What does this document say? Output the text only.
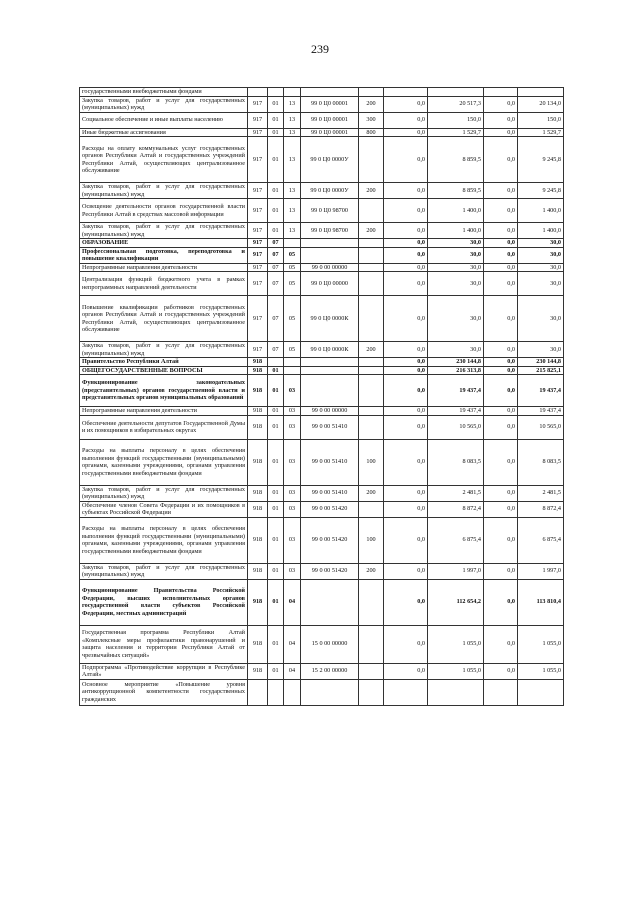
239
государственными внебюджетными фондами									
Закупка товаров, работ и услуг для государственных (муниципальных) нужд	917	01	13	99 0 Ц0 00001	200	0,0	20 517,3	0,0	20 134,0
Социальное обеспечение и иные выплаты населению	917	01	13	99 0 Ц0 00001	300	0,0	150,0	0,0	150,0
Иные бюджетные ассигнования	917	01	13	99 0 Ц0 00001	800	0,0	1 529,7	0,0	1 529,7
Расходы на оплату коммунальных услуг государственных органов Республики Алтай и государственных учреждений Республики Алтай, осуществляющих централизованное обслуживание	917	01	13	99 0 Ц0 0000У		0,0	8 859,5	0,0	9 245,8
Закупка товаров, работ и услуг для государственных (муниципальных) нужд	917	01	13	99 0 Ц0 0000У	200	0,0	8 859,5	0,0	9 245,8
Освещение деятельности органов государственной власти Республики Алтай в средствах массовой информации	917	01	13	99 0 Ц0 98700		0,0	1 400,0	0,0	1 400,0
Закупка товаров, работ и услуг для государственных (муниципальных) нужд	917	01	13	99 0 Ц0 98700	200	0,0	1 400,0	0,0	1 400,0
ОБРАЗОВАНИЕ	917	07				0,0	30,0	0,0	30,0
Профессиональная подготовка, переподготовка и повышение квалификации	917	07	05			0,0	30,0	0,0	30,0
Непрограммные направления деятельности	917	07	05	99 0 00 00000		0,0	30,0	0,0	30,0
Централизация функций бюджетного учета в рамках непрограммных направлений деятельности	917	07	05	99 0 Ц0 00000		0,0	30,0	0,0	30,0
Повышение квалификации работников государственных органов Республики Алтай и государственных учреждений Республики Алтай, осуществляющих централизованное обслуживание	917	07	05	99 0 Ц0 0000К		0,0	30,0	0,0	30,0
Закупка товаров, работ и услуг для государственных (муниципальных) нужд	917	07	05	99 0 Ц0 0000К	200	0,0	30,0	0,0	30,0
Правительство Республики Алтай	918					0,0	230 144,8	0,0	230 144,8
ОБЩЕГОСУДАРСТВЕННЫЕ ВОПРОСЫ	918	01				0,0	216 313,8	0,0	215 825,1
Функционирование законодательных (представительных) органов государственной власти и представительных органов муниципальных образований	918	01	03			0,0	19 437,4	0,0	19 437,4
Непрограммные направления деятельности	918	01	03	99 0 00 00000		0,0	19 437,4	0,0	19 437,4
Обеспечение деятельности депутатов Государственной Думы и их помощников в избирательных округах	918	01	03	99 0 00 51410		0,0	10 565,0	0,0	10 565,0
Расходы на выплаты персоналу в целях обеспечения выполнения функций государственными (муниципальными) органами, казенными учреждениями, органами управления государственными внебюджетными фондами	918	01	03	99 0 00 51410	100	0,0	8 083,5	0,0	8 083,5
Закупка товаров, работ и услуг для государственных (муниципальных) нужд	918	01	03	99 0 00 51410	200	0,0	2 481,5	0,0	2 481,5
Обеспечение членов Совета Федерации и их помощников в субъектах Российской Федерации	918	01	03	99 0 00 51420		0,0	8 872,4	0,0	8 872,4
Расходы на выплаты персоналу в целях обеспечения выполнения функций государственными (муниципальными) органами, казенными учреждениями, органами управления государственными внебюджетными фондами	918	01	03	99 0 00 51420	100	0,0	6 875,4	0,0	6 875,4
Закупка товаров, работ и услуг для государственных (муниципальных) нужд	918	01	03	99 0 00 51420	200	0,0	1 997,0	0,0	1 997,0
Функционирование Правительства Российской Федерации, высших исполнительных органов государственной власти субъектов Российской Федерации, местных администраций	918	01	04			0,0	112 654,2	0,0	113 810,4
Государственная программа Республики Алтай «Комплексные меры профилактики правонарушений и защита населения и территории Республики Алтай от чрезвычайных ситуаций»	918	01	04	15 0 00 00000		0,0	1 055,0	0,0	1 055,0
Подпрограмма «Противодействие коррупции в Республике Алтай»	918	01	04	15 2 00 00000		0,0	1 055,0	0,0	1 055,0
Основное мероприятие «Повышение уровня антикоррупционной компетентности государственных гражданских									
